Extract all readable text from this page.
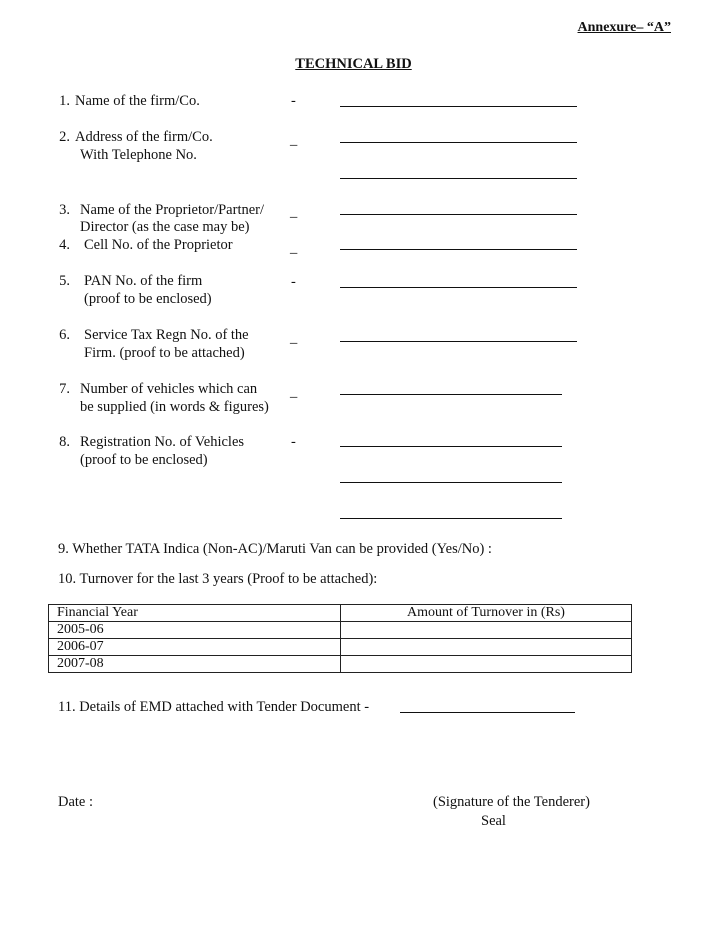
Annexure– “A”
TECHNICAL BID
1. Name of the firm/Co.	-
2. Address of the firm/Co.
With Telephone No.
_
3. Name of the Proprietor/Partner/
Director (as the case may be)
_
4. Cell No. of the Proprietor	_
5. PAN No. of the firm
(proof to be enclosed)
-
6. Service Tax Regn No. of the
Firm. (proof to be attached)
_
7. Number of vehicles which can
be supplied (in words & figures)
_
8. Registration No. of Vehicles
(proof to be enclosed)
-
9. Whether TATA Indica (Non-AC)/Maruti Van can be provided (Yes/No) :
10. Turnover for the last 3 years (Proof to be attached):
Financial Year	Amount of Turnover in (Rs)
2005-06	
2006-07	
2007-08	
11. Details of EMD attached with Tender Document -
Date :	(Signature of the Tenderer)
Seal
